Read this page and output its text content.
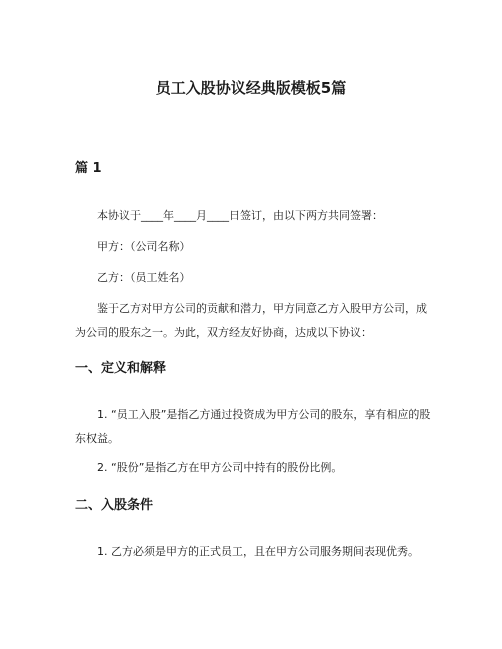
员工入股协议经典版模板5篇
篇 1

本协议于____年____月____日签订，由以下两方共同签署：

甲方：（公司名称）

乙方：（员工姓名）

鉴于乙方对甲方公司的贡献和潜力，甲方同意乙方入股甲方公司，成为公司的股东之一。为此，双方经友好协商，达成以下协议：

一、定义和解释

1. “员工入股”是指乙方通过投资成为甲方公司的股东，享有相应的股东权益。

2. “股份”是指乙方在甲方公司中持有的股份比例。

二、入股条件

1. 乙方必须是甲方的正式员工，且在甲方公司服务期间表现优秀。
